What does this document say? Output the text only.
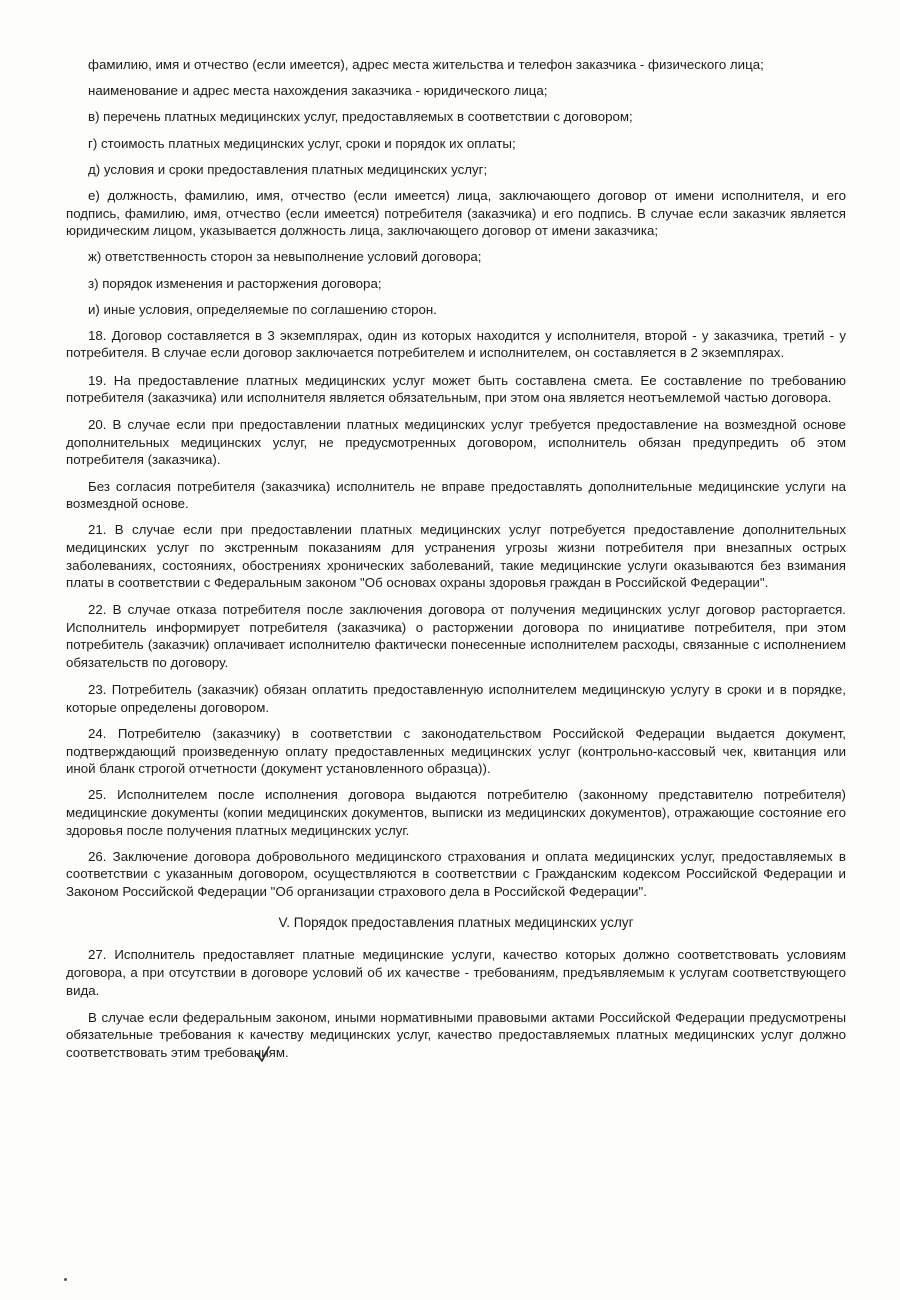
фамилию, имя и отчество (если имеется), адрес места жительства и телефон заказчика - физического лица;

наименование и адрес места нахождения заказчика - юридического лица;

в) перечень платных медицинских услуг, предоставляемых в соответствии с договором;

г) стоимость платных медицинских услуг, сроки и порядок их оплаты;

д) условия и сроки предоставления платных медицинских услуг;

е) должность, фамилию, имя, отчество (если имеется) лица, заключающего договор от имени исполнителя, и его подпись, фамилию, имя, отчество (если имеется) потребителя (заказчика) и его подпись. В случае если заказчик является юридическим лицом, указывается должность лица, заключающего договор от имени заказчика;

ж) ответственность сторон за невыполнение условий договора;

з) порядок изменения и расторжения договора;

и) иные условия, определяемые по соглашению сторон.

18. Договор составляется в 3 экземплярах, один из которых находится у исполнителя, второй - у заказчика, третий - у потребителя. В случае если договор заключается потребителем и исполнителем, он составляется в 2 экземплярах.

19. На предоставление платных медицинских услуг может быть составлена смета. Ее составление по требованию потребителя (заказчика) или исполнителя является обязательным, при этом она является неотъемлемой частью договора.

20. В случае если при предоставлении платных медицинских услуг требуется предоставление на возмездной основе дополнительных медицинских услуг, не предусмотренных договором, исполнитель обязан предупредить об этом потребителя (заказчика).

Без согласия потребителя (заказчика) исполнитель не вправе предоставлять дополнительные медицинские услуги на возмездной основе.

21. В случае если при предоставлении платных медицинских услуг потребуется предоставление дополнительных медицинских услуг по экстренным показаниям для устранения угрозы жизни потребителя при внезапных острых заболеваниях, состояниях, обострениях хронических заболеваний, такие медицинские услуги оказываются без взимания платы в соответствии с Федеральным законом "Об основах охраны здоровья граждан в Российской Федерации".

22. В случае отказа потребителя после заключения договора от получения медицинских услуг договор расторгается. Исполнитель информирует потребителя (заказчика) о расторжении договора по инициативе потребителя, при этом потребитель (заказчик) оплачивает исполнителю фактически понесенные исполнителем расходы, связанные с исполнением обязательств по договору.

23. Потребитель (заказчик) обязан оплатить предоставленную исполнителем медицинскую услугу в сроки и в порядке, которые определены договором.

24. Потребителю (заказчику) в соответствии с законодательством Российской Федерации выдается документ, подтверждающий произведенную оплату предоставленных медицинских услуг (контрольно-кассовый чек, квитанция или иной бланк строгой отчетности (документ установленного образца)).

25. Исполнителем после исполнения договора выдаются потребителю (законному представителю потребителя) медицинские документы (копии медицинских документов, выписки из медицинских документов), отражающие состояние его здоровья после получения платных медицинских услуг.

26. Заключение договора добровольного медицинского страхования и оплата медицинских услуг, предоставляемых в соответствии с указанным договором, осуществляются в соответствии с Гражданским кодексом Российской Федерации и Законом Российской Федерации "Об организации страхового дела в Российской Федерации".

V. Порядок предоставления платных медицинских услуг

27. Исполнитель предоставляет платные медицинские услуги, качество которых должно соответствовать условиям договора, а при отсутствии в договоре условий об их качестве - требованиям, предъявляемым к услугам соответствующего вида.

В случае если федеральным законом, иными нормативными правовыми актами Российской Федерации предусмотрены обязательные требования к качеству медицинских услуг, качество предоставляемых платных медицинских услуг должно соответствовать этим требованиям.
